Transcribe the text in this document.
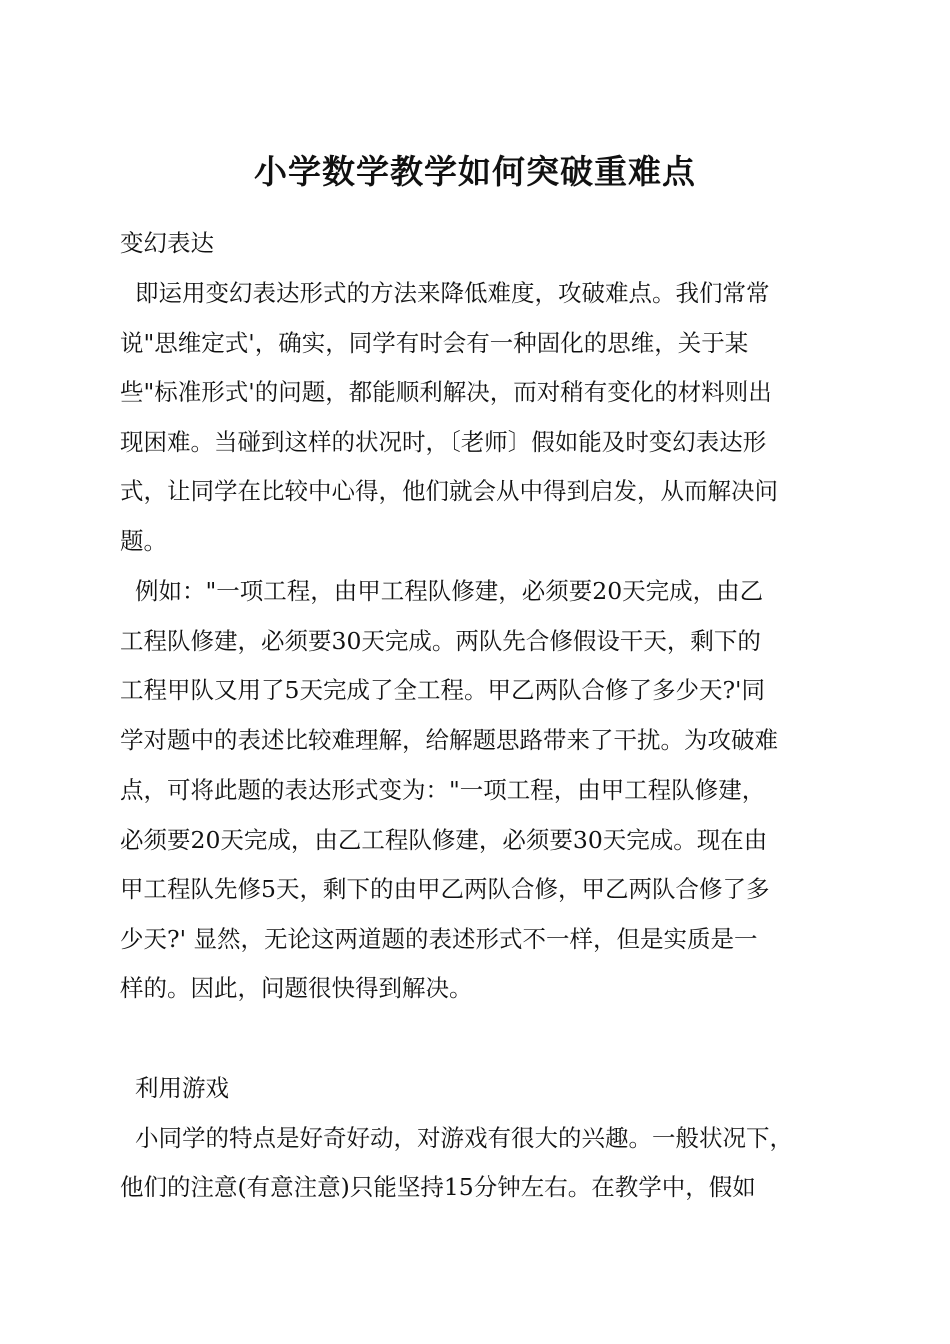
小学数学教学如何突破重难点

变幻表达

即运用变幻表达形式的方法来降低难度，攻破难点。我们常常

说"思维定式'，确实，同学有时会有一种固化的思维，关于某

些"标准形式'的问题，都能顺利解决，而对稍有变化的材料则出

现困难。当碰到这样的状况时，〔老师〕假如能及时变幻表达形

式，让同学在比较中心得，他们就会从中得到启发，从而解决问

题。

例如："一项工程，由甲工程队修建，必须要20天完成，由乙

工程队修建，必须要30天完成。两队先合修假设干天，剩下的

工程甲队又用了5天完成了全工程。甲乙两队合修了多少天?'同

学对题中的表述比较难理解，给解题思路带来了干扰。为攻破难

点，可将此题的表达形式变为："一项工程，由甲工程队修建，

必须要20天完成，由乙工程队修建，必须要30天完成。现在由

甲工程队先修5天，剩下的由甲乙两队合修，甲乙两队合修了多

少天?' 显然，无论这两道题的表述形式不一样，但是实质是一

样的。因此，问题很快得到解决。

利用游戏

小同学的特点是好奇好动，对游戏有很大的兴趣。一般状况下，

他们的注意(有意注意)只能坚持15分钟左右。在教学中，假如
